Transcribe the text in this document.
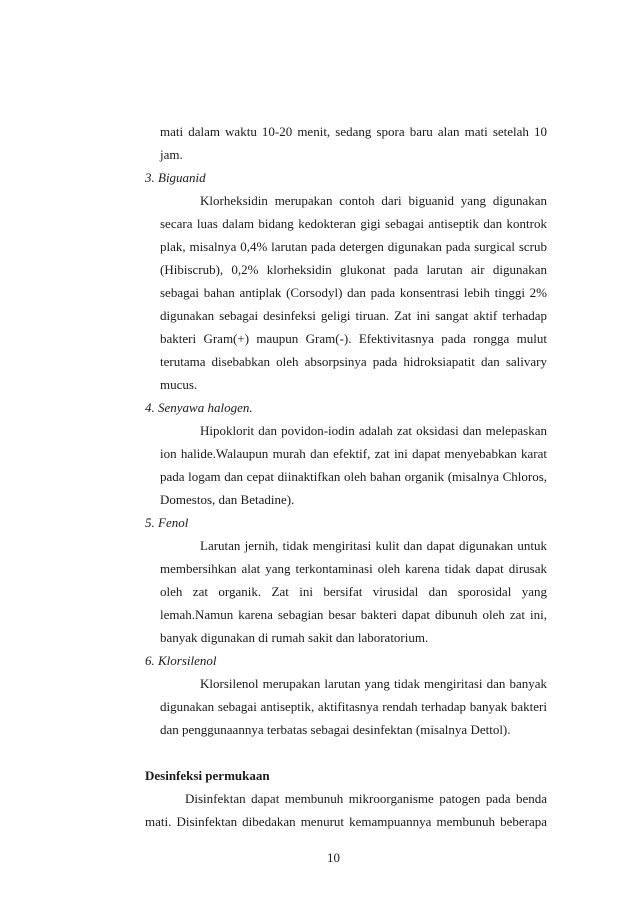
mati dalam waktu 10-20 menit, sedang spora baru alan mati setelah 10
jam.
3. Biguanid
Klorheksidin merupakan contoh dari biguanid yang digunakan
secara luas dalam bidang kedokteran gigi sebagai antiseptik dan kontrok
plak, misalnya 0,4% larutan pada detergen digunakan pada surgical scrub
(Hibiscrub), 0,2% klorheksidin glukonat pada larutan air digunakan
sebagai bahan antiplak (Corsodyl) dan pada konsentrasi lebih tinggi 2%
digunakan sebagai desinfeksi geligi tiruan. Zat ini sangat aktif terhadap
bakteri Gram(+) maupun Gram(-). Efektivitasnya pada rongga mulut
terutama disebabkan oleh absorpsinya pada hidroksiapatit dan salivary
mucus.
4. Senyawa halogen.
Hipoklorit dan povidon-iodin adalah zat oksidasi dan melepaskan
ion halide.Walaupun murah dan efektif, zat ini dapat menyebabkan karat
pada logam dan cepat diinaktifkan oleh bahan organik (misalnya Chloros,
Domestos, dan Betadine).
5. Fenol
Larutan jernih, tidak mengiritasi kulit dan dapat digunakan untuk
membersihkan alat yang terkontaminasi oleh karena tidak dapat dirusak
oleh zat organik. Zat ini bersifat virusidal dan sporosidal yang
lemah.Namun karena sebagian besar bakteri dapat dibunuh oleh zat ini,
banyak digunakan di rumah sakit dan laboratorium.
6. Klorsilenol
Klorsilenol merupakan larutan yang tidak mengiritasi dan banyak
digunakan sebagai antiseptik, aktifitasnya rendah terhadap banyak bakteri
dan penggunaannya terbatas sebagai desinfektan (misalnya Dettol).
Desinfeksi permukaan
Disinfektan dapat membunuh mikroorganisme patogen pada benda
mati. Disinfektan dibedakan menurut kemampuannya membunuh beberapa
10
